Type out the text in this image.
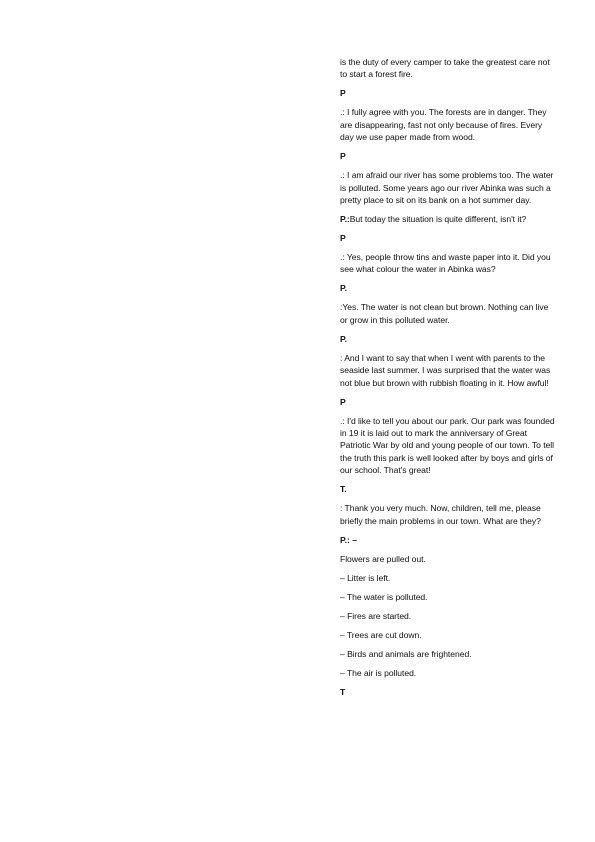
is the duty of every camper to take the greatest care not to start a forest fire.

P

.: I fully agree with you. The forests are in danger. They are disappearing, fast not only because of fires. Every day we use paper made from wood.

P

.: I am afraid our river has some problems too. The water is polluted. Some years ago our river Abinka was such a pretty place to sit on its bank on a hot summer day.

P.:But today the situation is quite different, isn't it?

P

.: Yes, people throw tins and waste paper into it. Did you see what colour the water in Abinka was?

P.

:Yes. The water is not clean but brown. Nothing can live or grow in this polluted water.

P.

: And I want to say that when I went with parents to the seaside last summer. I was surprised that the water was not blue but brown with rubbish floating in it. How awful!

P

.: I'd like to tell you about our park. Our park was founded in 19 it is laid out to mark the anniversary of Great Patriotic War by old and young people of our town. To tell the truth this park is well looked after by boys and girls of our school. That's great!

T.

: Thank you very much. Now, children, tell me, please briefly the main problems in our town. What are they?

P.: –

Flowers are pulled out.

– Litter is left.

– The water is polluted.

– Fires are started.

– Trees are cut down.

– Birds and animals are frightened.

– The air is polluted.

T
